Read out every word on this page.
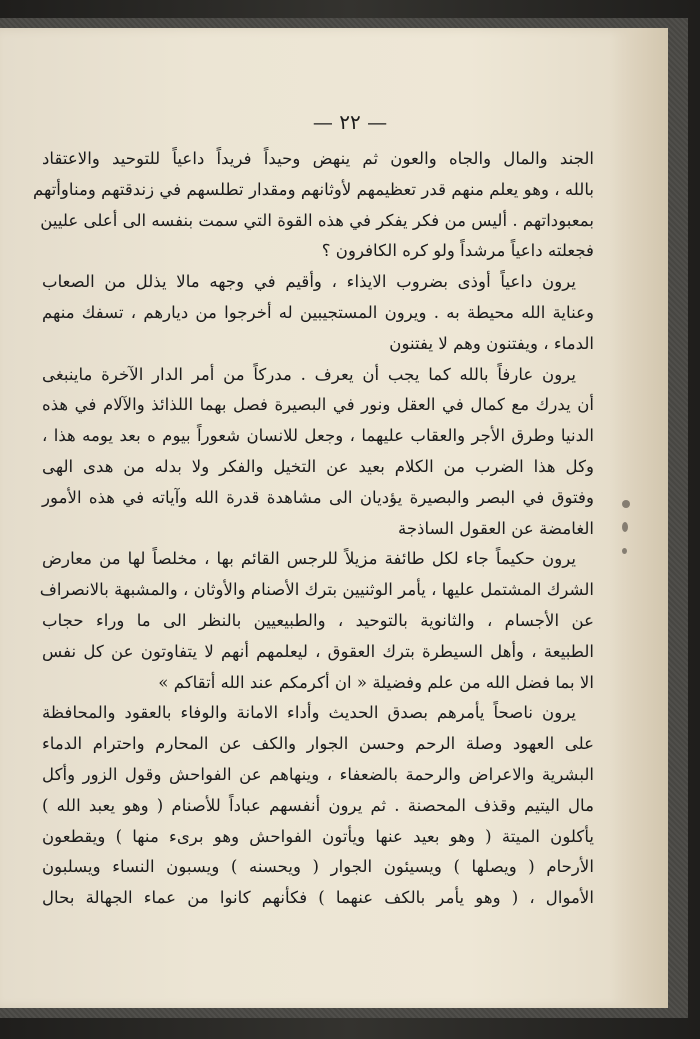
— ٢٢ —

الجند والمال والجاه والعون ثم ينهض وحيداً فريداً داعياً للتوحيد والاعتقاد
بالله ، وهو يعلم منهم قدر تعظيمهم لأوثانهم ومقدار تطلسهم في زندقتهم ومناوأتهم
بمعبوداتهم . أليس من فكر يفكر في هذه القوة التي سمت بنفسه الى أعلى عليين
فجعلته داعياً مرشداً ولو كره الكافرون ؟

يرون داعياً أوذى بضروب الايذاء ، وأقيم في وجهه مالا يذلل من الصعاب
وعناية الله محيطة به . ويرون المستجيبين له أخرجوا من ديارهم ، تسفك منهم
الدماء ، ويفتنون وهم لا يفتنون

يرون عارفاً بالله كما يجب أن يعرف . مدركاً من أمر الدار الآخرة ماينبغى
أن يدرك مع كمال في العقل ونور في البصيرة فصل بهما اللذائذ والآلام في هذه
الدنيا وطرق الأجر والعقاب عليهما ، وجعل للانسان شعوراً بيوم ه بعد يومه هذا ،
وكل هذا الضرب من الكلام بعيد عن التخيل والفكر ولا بدله من هدى الهى
وفتوق في البصر والبصيرة يؤديان الى مشاهدة قدرة الله وآياته في هذه الأمور
الغامضة عن العقول الساذجة

يرون حكيماً جاء لكل طائفة مزيلاً للرجس القائم بها ، مخلصاً لها من معارض
الشرك المشتمل عليها ، يأمر الوثنيين بترك الأصنام والأوثان ، والمشبهة بالانصراف
عن الأجسام ، والثانوية بالتوحيد ، والطبيعيين بالنظر الى ما وراء حجاب
الطبيعة ، وأهل السيطرة بترك العقوق ، ليعلمهم أنهم لا يتفاوتون عن كل نفس
الا بما فضل الله من علم وفضيلة « ان أكرمكم عند الله أتقاكم »

يرون ناصحاً يأمرهم بصدق الحديث وأداء الامانة والوفاء بالعقود والمحافظة
على العهود وصلة الرحم وحسن الجوار والكف عن المحارم واحترام الدماء
البشرية والاعراض والرحمة بالضعفاء ، وينهاهم عن الفواحش وقول الزور وأكل
مال اليتيم وقذف المحصنة . ثم يرون أنفسهم عباداً للأصنام ( وهو يعبد الله )
يأكلون الميتة ( وهو بعيد عنها ويأتون الفواحش وهو برىء منها ) ويقطعون
الأرحام ( ويصلها ) ويسيئون الجوار ( ويحسنه ) ويسبون النساء ويسلبون
الأموال ، ( وهو يأمر بالكف عنهما ) فكأنهم كانوا من عماء الجهالة بحال
